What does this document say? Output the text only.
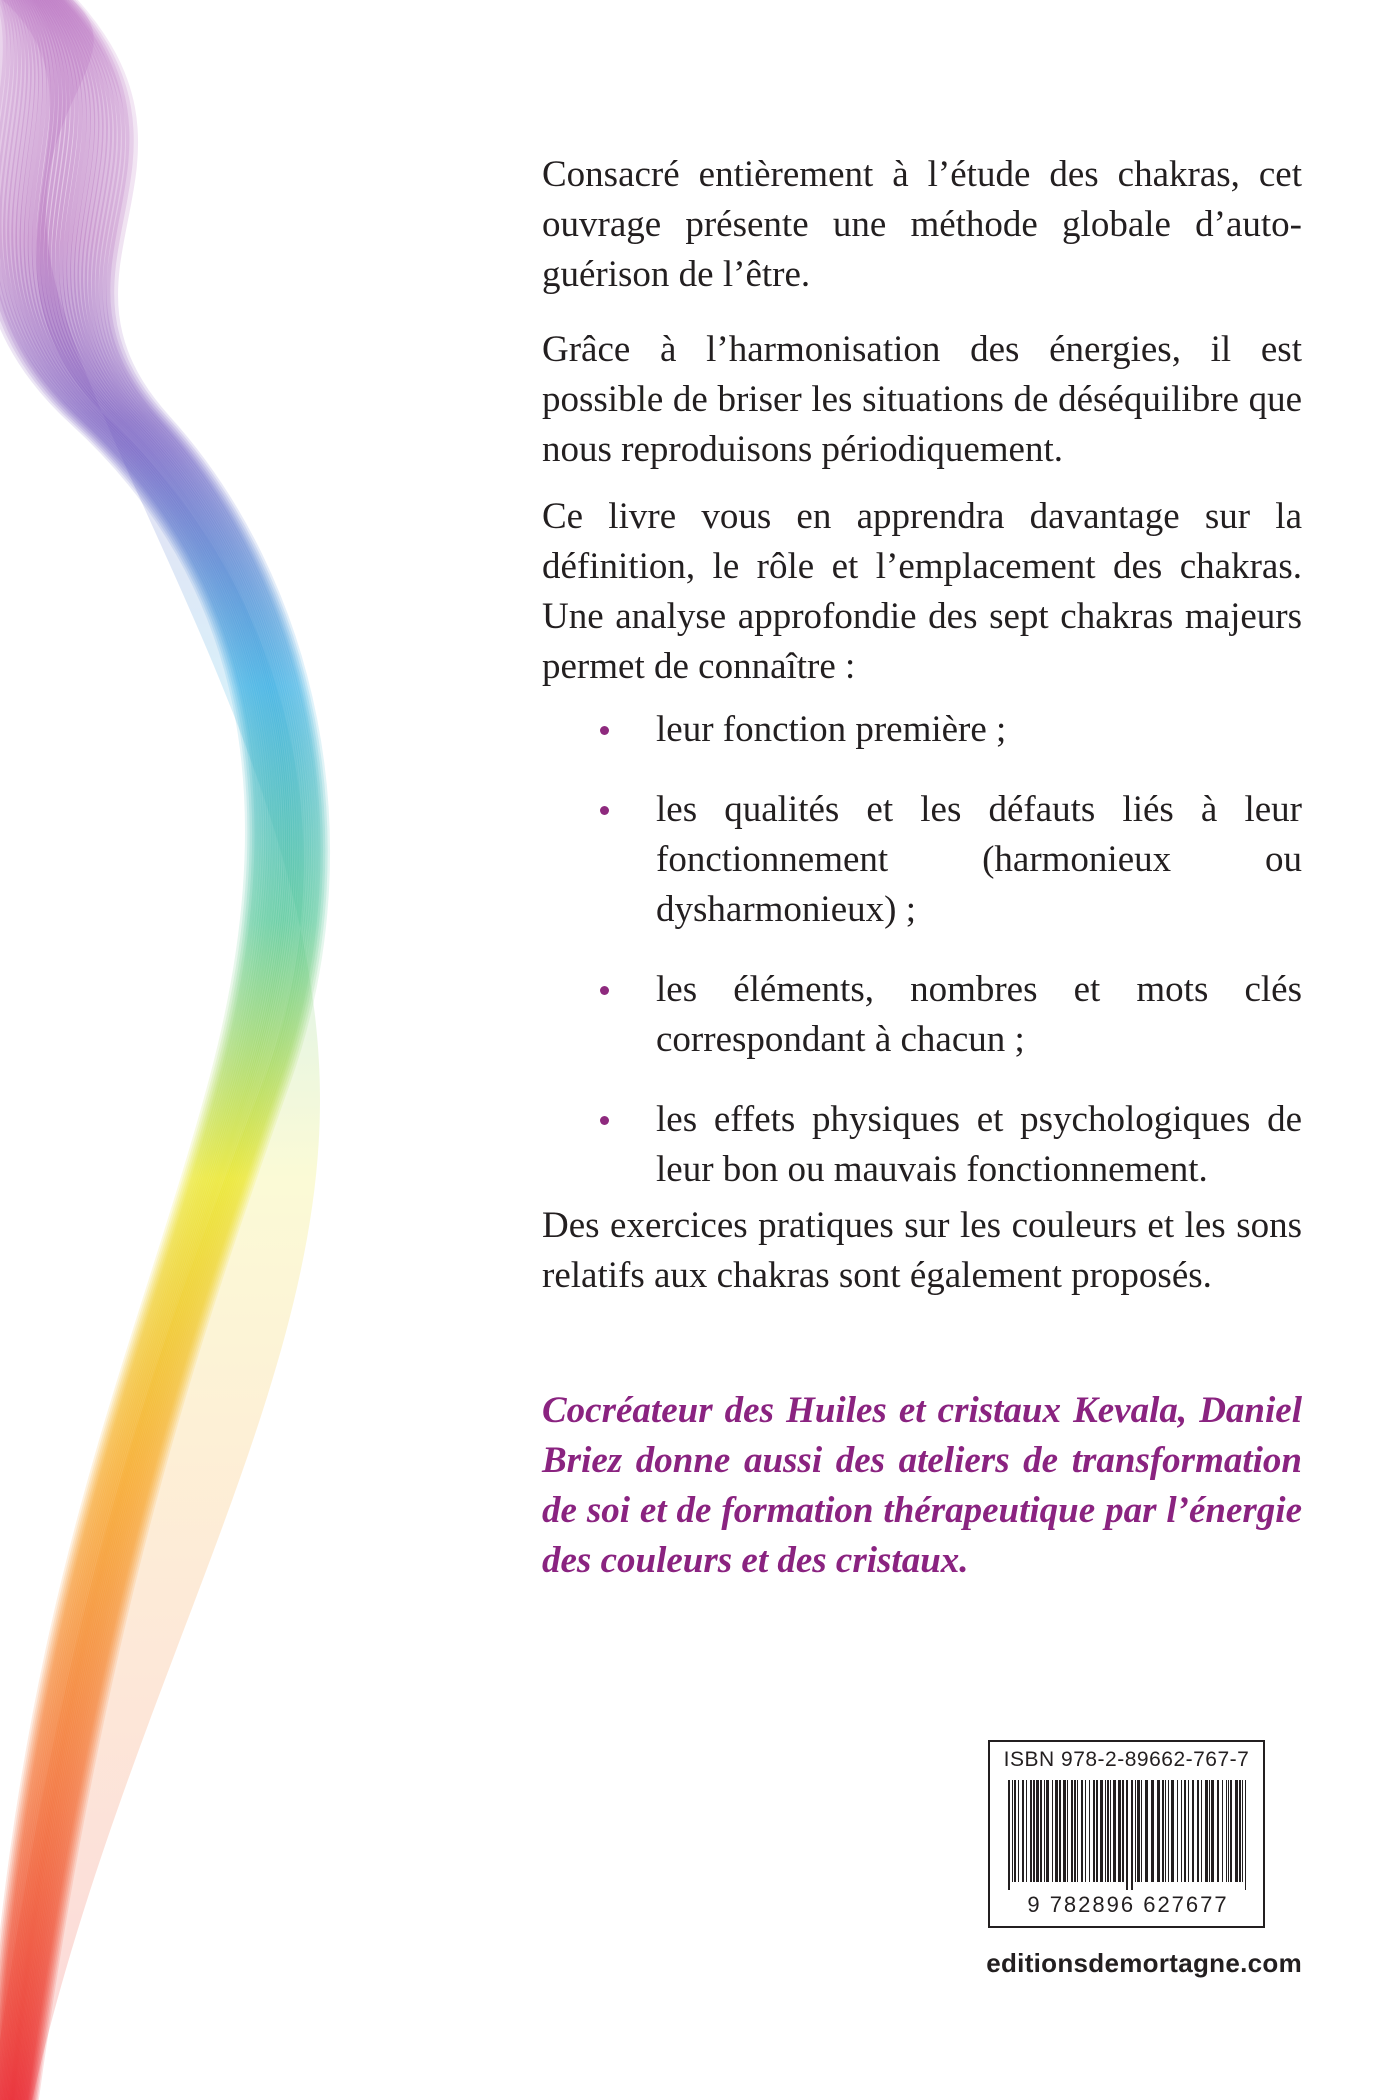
Consacré entièrement à l’étude des chakras, cet ouvrage présente une méthode globale d’auto-guérison de l’être.

Grâce à l’harmonisation des énergies, il est possible de briser les situations de déséquilibre que nous reproduisons périodiquement.

Ce livre vous en apprendra davantage sur la définition, le rôle et l’emplacement des chakras. Une analyse approfondie des sept chakras majeurs permet de connaître :

leur fonction première ;
les qualités et les défauts liés à leur fonctionnement (harmonieux ou dysharmonieux) ;
les éléments, nombres et mots clés correspondant à chacun ;
les effets physiques et psychologiques de leur bon ou mauvais fonctionnement.

Des exercices pratiques sur les couleurs et les sons relatifs aux chakras sont également proposés.

Cocréateur des Huiles et cristaux Kevala, Daniel Briez donne aussi des ateliers de transformation de soi et de formation thérapeutique par l’énergie des couleurs et des cristaux.
ISBN 978-2-89662-767-7
9 782896 627677
editionsdemortagne.com
